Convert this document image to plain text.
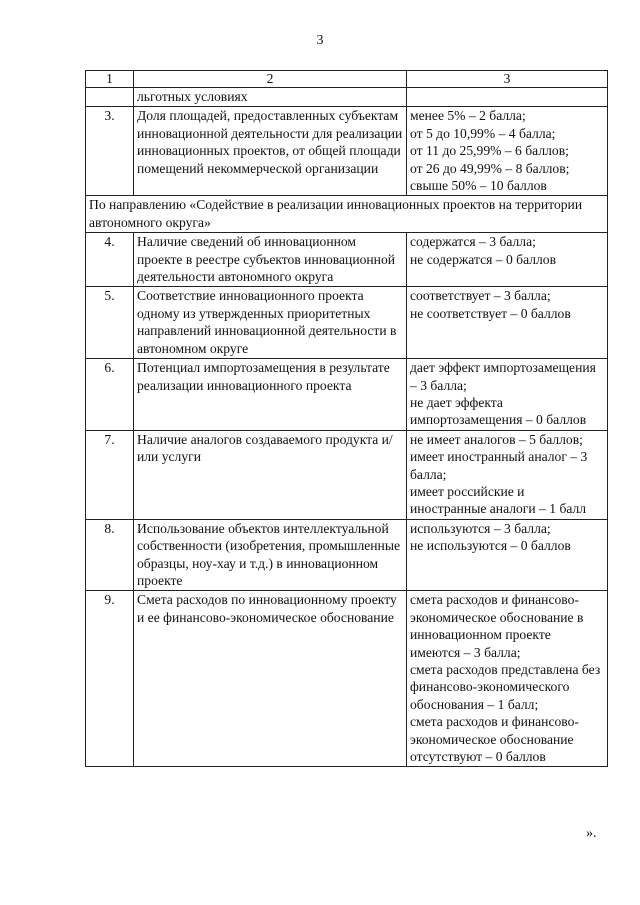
3
1	2	3
	льготных условиях	
3.	Доля площадей, предоставленных субъектам инновационной деятельности для реализации инновационных проектов, от общей площади помещений некоммерческой организации	менее 5% – 2 балла;
от 5 до 10,99% – 4 балла;
от 11 до 25,99% – 6 баллов;
от 26 до 49,99% – 8 баллов;
свыше 50% – 10 баллов

По направлению «Содействие в реализации инновационных проектов на территории автономного округа»		
4.	Наличие сведений об инновационном проекте в реестре субъектов инновационной деятельности автономного округа	содержатся – 3 балла;
не содержатся – 0 баллов

5.	Соответствие инновационного проекта одному из утвержденных приоритетных направлений инновационной деятельности в автономном округе	соответствует – 3 балла;
не соответствует – 0 баллов

6.	Потенциал импортозамещения в результате реализации инновационного проекта	дает эффект импортозамещения – 3 балла;
не дает эффекта импортозамещения – 0 баллов

7.	Наличие аналогов создаваемого продукта и/или услуги	не имеет аналогов – 5 баллов;
имеет иностранный аналог – 3 балла;
имеет российские и иностранные аналоги – 1 балл

8.	Использование объектов интеллектуальной собственности (изобретения, промышленные образцы, ноу-хау и т.д.) в инновационном проекте	используются – 3 балла;
не используются – 0 баллов

9.	Смета расходов по инновационному проекту и ее финансово-экономическое обоснование	смета расходов и финансово-экономическое обоснование в инновационном проекте имеются – 3 балла;
смета расходов представлена без финансово-экономического обоснования – 1 балл;
смета расходов и финансово-экономическое обоснование отсутствуют – 0 баллов
».
